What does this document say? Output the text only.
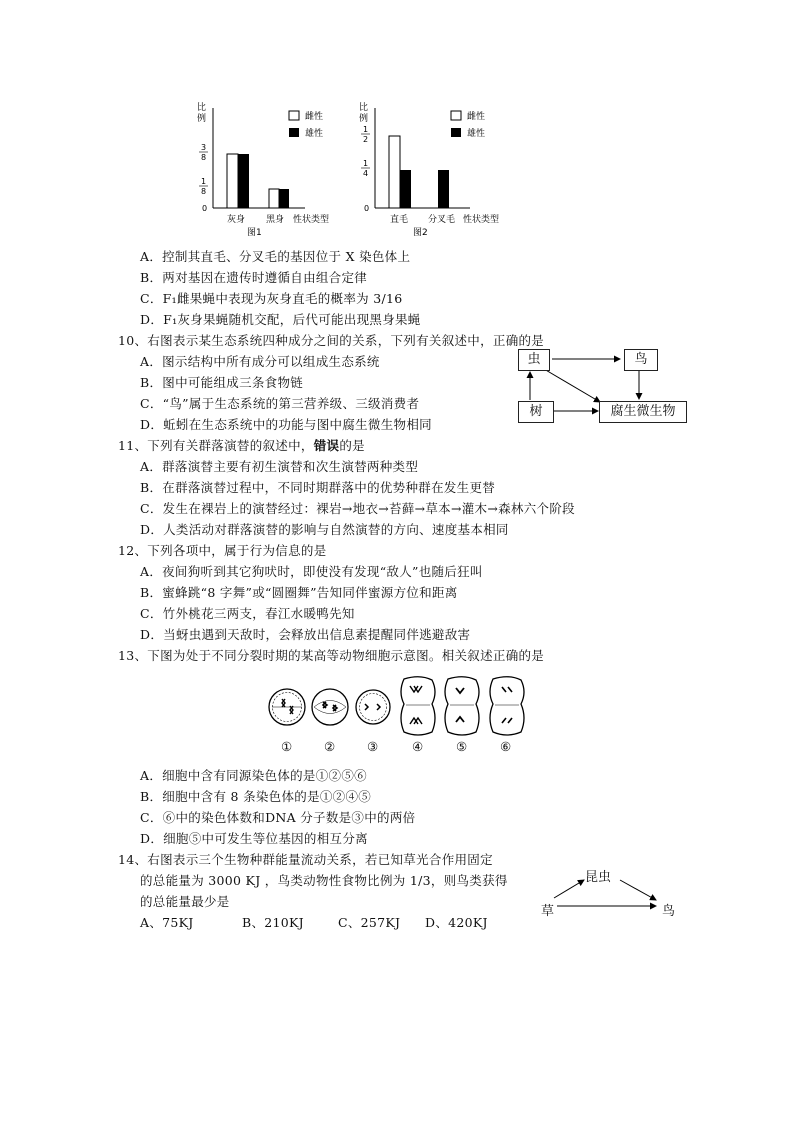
比
例
3
8
1
8
0
雌性
雄性
灰身 黑身 性状类型
图1
比
例
1
2
1
4
0
雌性
雄性
直毛 分叉毛 性状类型
图2
A．控制其直毛、分叉毛的基因位于 X 染色体上
B．两对基因在遗传时遵循自由组合定律
C．F₁雌果蝇中表现为灰身直毛的概率为 3/16
D．F₁灰身果蝇随机交配，后代可能出现黑身果蝇
10、右图表示某生态系统四种成分之间的关系，下列有关叙述中，正确的是
A．图示结构中所有成分可以组成生态系统
B．图中可能组成三条食物链
C．“鸟”属于生态系统的第三营养级、三级消费者
D．蚯蚓在生态系统中的功能与图中腐生微生物相同
虫	鸟
树	腐生微生物
11、下列有关群落演替的叙述中，错误的是
A．群落演替主要有初生演替和次生演替两种类型
B．在群落演替过程中，不同时期群落中的优势种群在发生更替
C．发生在裸岩上的演替经过：裸岩→地衣→苔藓→草本→灌木→森林六个阶段
D．人类活动对群落演替的影响与自然演替的方向、速度基本相同
12、下列各项中，属于行为信息的是
A．夜间狗听到其它狗吠时，即使没有发现“敌人”也随后狂叫
B．蜜蜂跳“8 字舞”或“圆圈舞”告知同伴蜜源方位和距离
C．竹外桃花三两支，春江水暖鸭先知
D．当蚜虫遇到天敌时，会释放出信息素提醒同伴逃避敌害
13、下图为处于不同分裂时期的某高等动物细胞示意图。相关叙述正确的是
①	②	③	④	⑤	⑥
A．细胞中含有同源染色体的是①②⑤⑥
B．细胞中含有 8 条染色体的是①②④⑤
C．⑥中的染色体数和DNA 分子数是③中的两倍
D．细胞⑤中可发生等位基因的相互分离
14、右图表示三个生物种群能量流动关系，若已知草光合作用固定
的总能量为 3000 KJ ，鸟类动物性食物比例为 1/3，则鸟类获得
的总能量最少是
A、75KJ	B、210KJ	C、257KJ D、420KJ
昆虫
草	鸟
